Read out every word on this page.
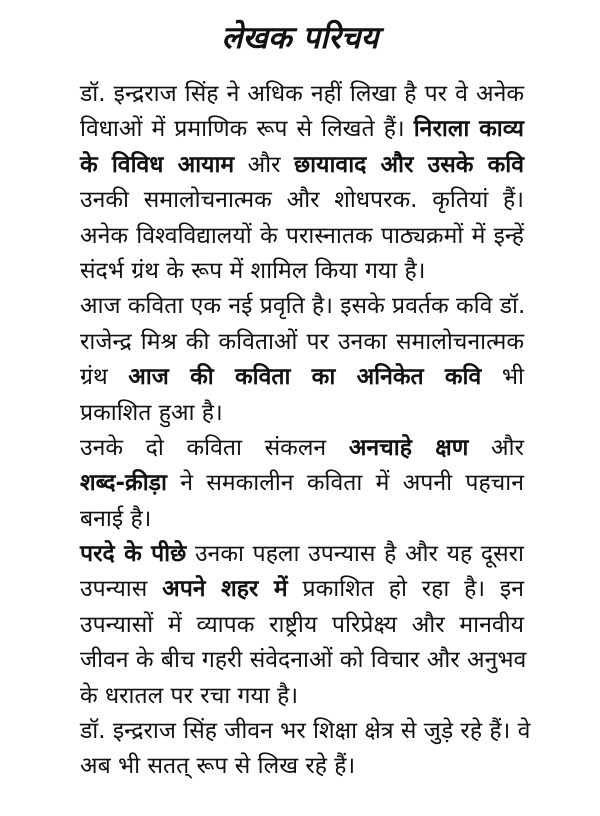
लेखक परिचय
डॉ. इन्द्रराज सिंह ने अधिक नहीं लिखा है पर वे अनेक
विधाओं में प्रमाणिक रूप से लिखते हैं। निराला काव्य
के विविध आयाम और छायावाद और उसके कवि
उनकी समालोचनात्मक और शोधपरक. कृतियां हैं।
अनेक विश्वविद्यालयों के परास्नातक पाठ्यक्रमों में इन्हें
संदर्भ ग्रंथ के रूप में शामिल किया गया है।
आज कविता एक नई प्रवृति है। इसके प्रवर्तक कवि डॉ.
राजेन्द्र मिश्र की कविताओं पर उनका समालोचनात्मक
ग्रंथ आज की कविता का अनिकेत कवि भी
प्रकाशित हुआ है।
उनके दो कविता संकलन अनचाहे क्षण और
शब्द-क्रीड़ा ने समकालीन कविता में अपनी पहचान
बनाई है।
परदे के पीछे उनका पहला उपन्यास है और यह दूसरा
उपन्यास अपने शहर में प्रकाशित हो रहा है। इन
उपन्यासों में व्यापक राष्ट्रीय परिप्रेक्ष्य और मानवीय
जीवन के बीच गहरी संवेदनाओं को विचार और अनुभव
के धरातल पर रचा गया है।
डॉ. इन्द्रराज सिंह जीवन भर शिक्षा क्षेत्र से जुड़े रहे हैं। वे
अब भी सतत् रूप से लिख रहे हैं।
